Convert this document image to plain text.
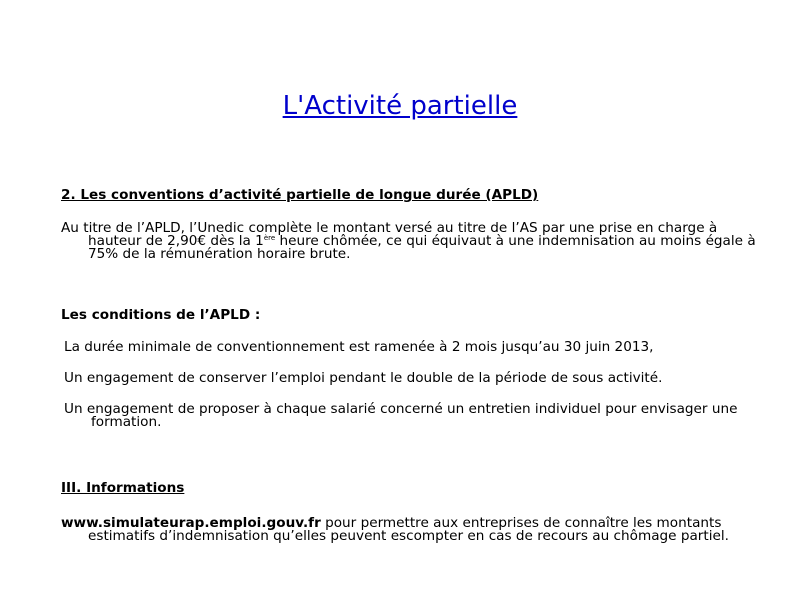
L'Activité partielle

2. Les conventions d’activité partielle de longue durée (APLD)

Au titre de l’APLD, l’Unedic complète le montant versé au titre de l’AS par une prise en charge à hauteur de 2,90€ dès la 1ère heure chômée, ce qui équivaut à une indemnisation au moins égale à 75% de la rémunération horaire brute.

Les conditions de l’APLD :

La durée minimale de conventionnement est ramenée à 2 mois jusqu’au 30 juin 2013,

Un engagement de conserver l’emploi pendant le double de la période de sous activité.

Un engagement de proposer à chaque salarié concerné un entretien individuel pour envisager une formation.

III. Informations

www.simulateurap.emploi.gouv.fr pour permettre aux entreprises de connaître les montants estimatifs d’indemnisation qu’elles peuvent escompter en cas de recours au chômage partiel.
